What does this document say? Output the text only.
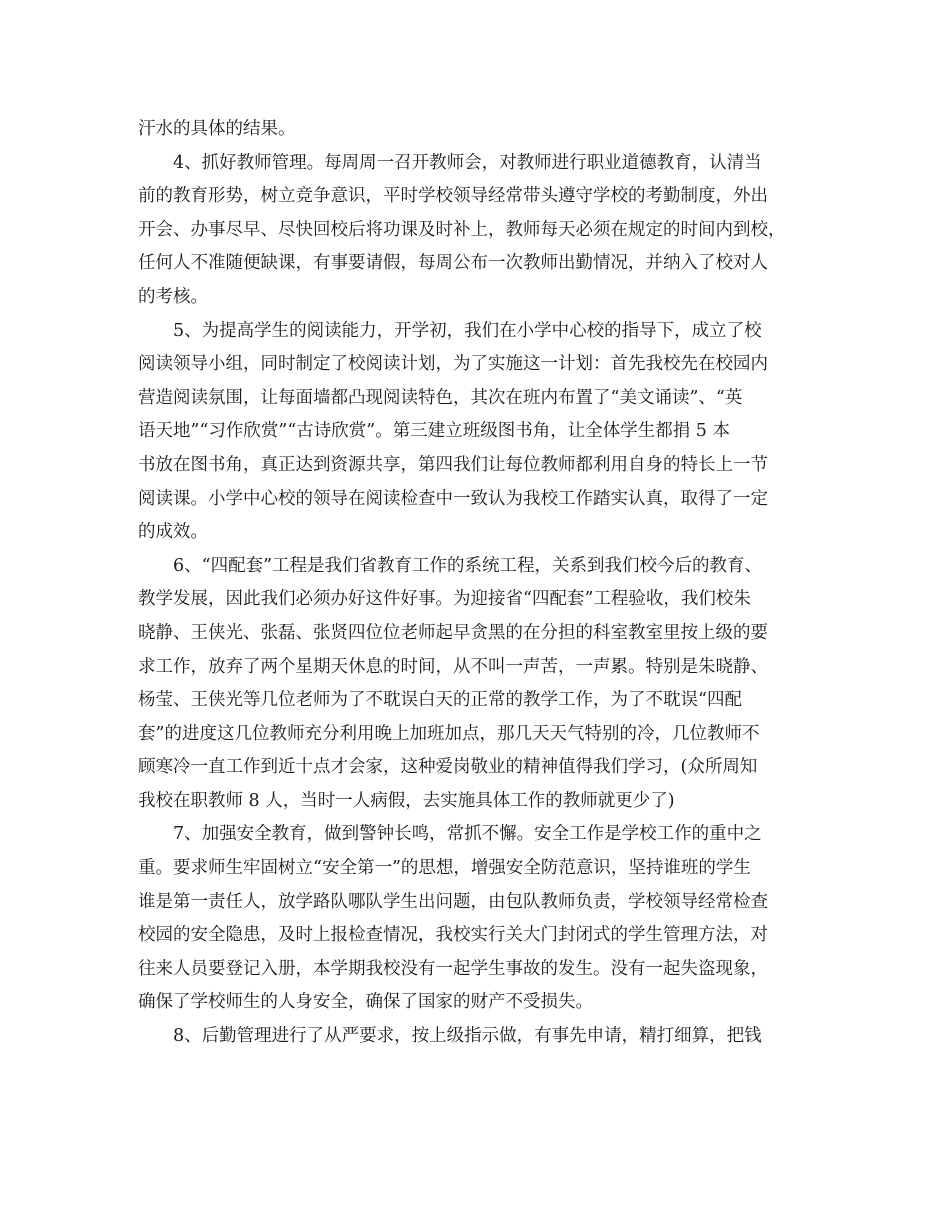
汗水的具体的结果。
4、抓好教师管理。每周周一召开教师会，对教师进行职业道德教育，认清当
前的教育形势，树立竞争意识，平时学校领导经常带头遵守学校的考勤制度，外出
开会、办事尽早、尽快回校后将功课及时补上，教师每天必须在规定的时间内到校，
任何人不准随便缺课，有事要请假，每周公布一次教师出勤情况，并纳入了校对人
的考核。
5、为提高学生的阅读能力，开学初，我们在小学中心校的指导下，成立了校
阅读领导小组，同时制定了校阅读计划，为了实施这一计划：首先我校先在校园内
营造阅读氛围，让每面墙都凸现阅读特色，其次在班内布置了“美文诵读”、“英
语天地”“习作欣赏”“古诗欣赏”。第三建立班级图书角，让全体学生都捐 5 本
书放在图书角，真正达到资源共享，第四我们让每位教师都利用自身的特长上一节
阅读课。小学中心校的领导在阅读检查中一致认为我校工作踏实认真，取得了一定
的成效。
6、“四配套”工程是我们省教育工作的系统工程，关系到我们校今后的教育、
教学发展，因此我们必须办好这件好事。为迎接省“四配套”工程验收，我们校朱
晓静、王侠光、张磊、张贤四位位老师起早贪黑的在分担的科室教室里按上级的要
求工作，放弃了两个星期天休息的时间，从不叫一声苦，一声累。特别是朱晓静、
杨莹、王侠光等几位老师为了不耽误白天的正常的教学工作，为了不耽误“四配
套”的进度这几位教师充分利用晚上加班加点，那几天天气特别的冷，几位教师不
顾寒冷一直工作到近十点才会家，这种爱岗敬业的精神值得我们学习，(众所周知
我校在职教师 8 人，当时一人病假，去实施具体工作的教师就更少了)
7、加强安全教育，做到警钟长鸣，常抓不懈。安全工作是学校工作的重中之
重。要求师生牢固树立“安全第一”的思想，增强安全防范意识，坚持谁班的学生
谁是第一责任人，放学路队哪队学生出问题，由包队教师负责，学校领导经常检查
校园的安全隐患，及时上报检查情况，我校实行关大门封闭式的学生管理方法，对
往来人员要登记入册，本学期我校没有一起学生事故的发生。没有一起失盗现象，
确保了学校师生的人身安全，确保了国家的财产不受损失。
8、后勤管理进行了从严要求，按上级指示做，有事先申请，精打细算，把钱
